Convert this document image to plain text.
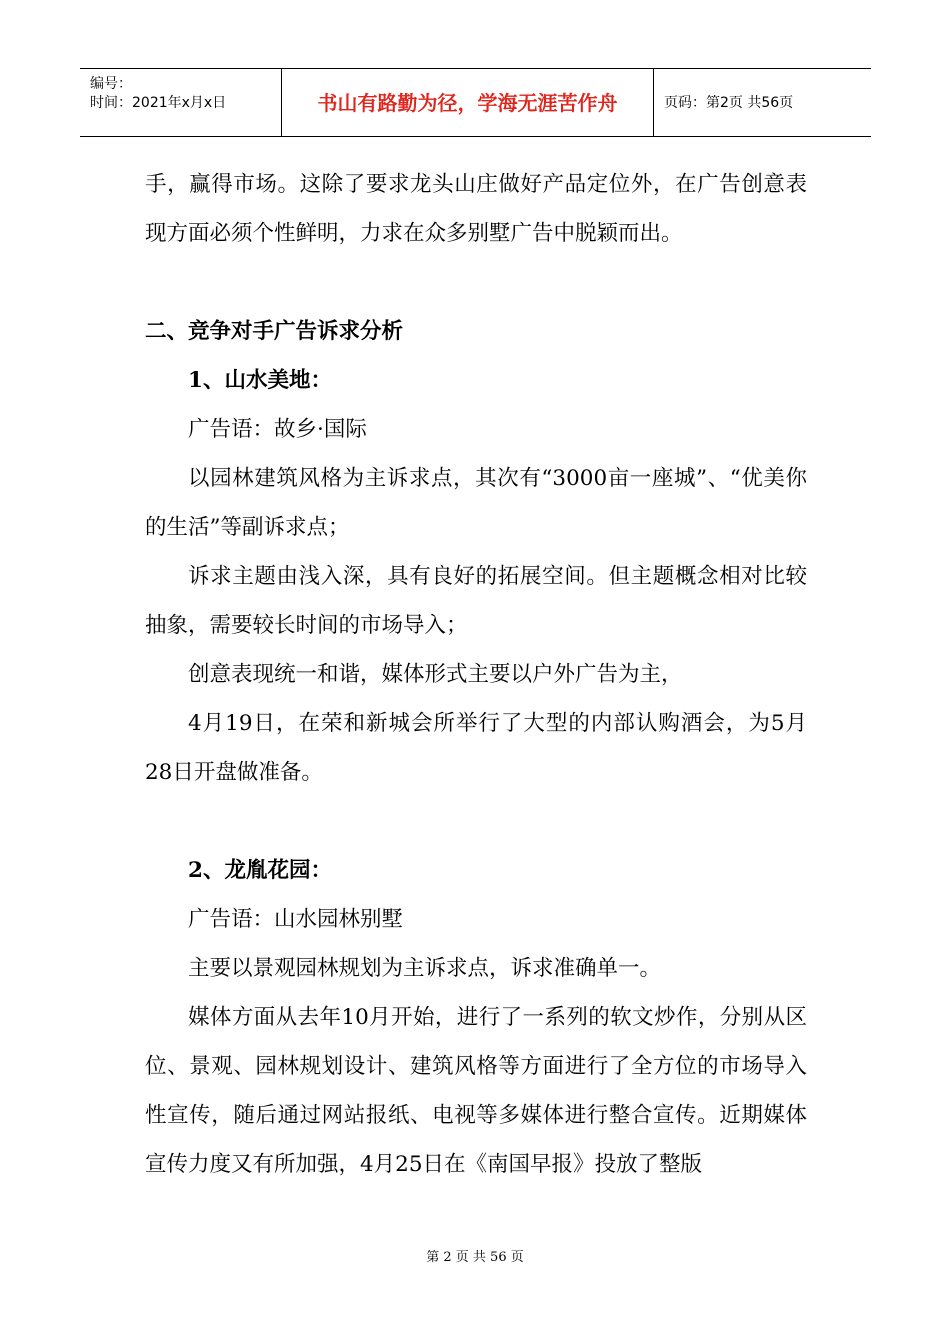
编号：
时间：2021年x月x日	书山有路勤为径，学海无涯苦作舟	页码：第2页 共56页

手，赢得市场。这除了要求龙头山庄做好产品定位外，在广告创意表现方面必须个性鲜明，力求在众多别墅广告中脱颖而出。

二、竞争对手广告诉求分析

1、山水美地：

广告语：故乡·国际

以园林建筑风格为主诉求点，其次有“3000亩一座城”、“优美你的生活”等副诉求点；

诉求主题由浅入深，具有良好的拓展空间。但主题概念相对比较抽象，需要较长时间的市场导入；

创意表现统一和谐，媒体形式主要以户外广告为主，

4月19日，在荣和新城会所举行了大型的内部认购酒会，为5月28日开盘做准备。

2、龙胤花园：

广告语：山水园林别墅

主要以景观园林规划为主诉求点，诉求准确单一。

媒体方面从去年10月开始，进行了一系列的软文炒作，分别从区位、景观、园林规划设计、建筑风格等方面进行了全方位的市场导入性宣传，随后通过网站报纸、电视等多媒体进行整合宣传。近期媒体宣传力度又有所加强，4月25日在《南国早报》投放了整版

第 2 页 共 56 页
